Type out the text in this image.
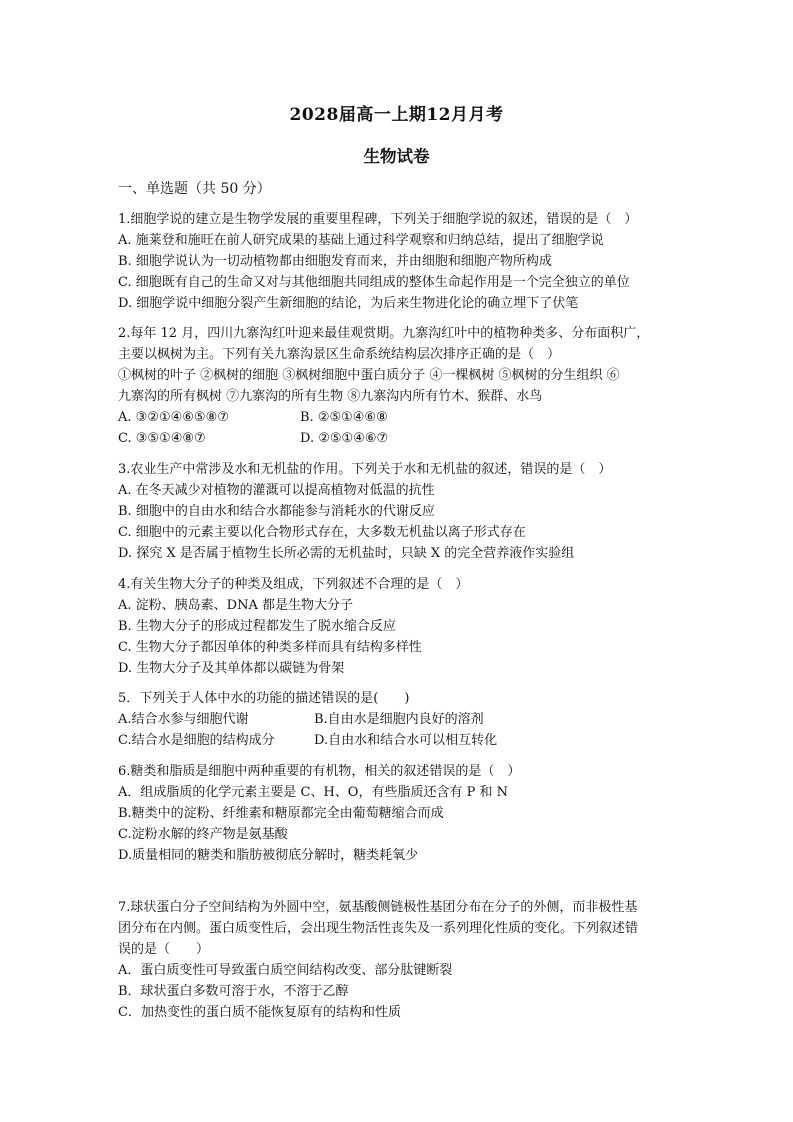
2028届高一上期12月月考
生物试卷
一、单选题（共 50 分）
1.细胞学说的建立是生物学发展的重要里程碑，下列关于细胞学说的叙述，错误的是（　）
A. 施莱登和施旺在前人研究成果的基础上通过科学观察和归纳总结，提出了细胞学说
B. 细胞学说认为一切动植物都由细胞发育而来，并由细胞和细胞产物所构成
C. 细胞既有自己的生命又对与其他细胞共同组成的整体生命起作用是一个完全独立的单位
D. 细胞学说中细胞分裂产生新细胞的结论，为后来生物进化论的确立埋下了伏笔
2.每年 12 月，四川九寨沟红叶迎来最佳观赏期。九寨沟红叶中的植物种类多、分布面积广，
主要以枫树为主。下列有关九寨沟景区生命系统结构层次排序正确的是（　）
①枫树的叶子 ②枫树的细胞 ③枫树细胞中蛋白质分子 ④一棵枫树 ⑤枫树的分生组织 ⑥
九寨沟的所有枫树 ⑦九寨沟的所有生物 ⑧九寨沟内所有竹木、猴群、水鸟
A. ③②①④⑥⑤⑧⑦	B. ②⑤①④⑥⑧
C. ③⑤①④⑧⑦	D. ②⑤①④⑥⑦
3.农业生产中常涉及水和无机盐的作用。下列关于水和无机盐的叙述，错误的是（　）
A. 在冬天减少对植物的灌溉可以提高植物对低温的抗性
B. 细胞中的自由水和结合水都能参与消耗水的代谢反应
C. 细胞中的元素主要以化合物形式存在，大多数无机盐以离子形式存在
D. 探究 X 是否属于植物生长所必需的无机盐时，只缺 X 的完全营养液作实验组
4.有关生物大分子的种类及组成，下列叙述不合理的是（　）
A. 淀粉、胰岛素、DNA 都是生物大分子
B. 生物大分子的形成过程都发生了脱水缩合反应
C. 生物大分子都因单体的种类多样而具有结构多样性
D. 生物大分子及其单体都以碳链为骨架
5．下列关于人体中水的功能的描述错误的是(　　)
A.结合水参与细胞代谢	B.自由水是细胞内良好的溶剂
C.结合水是细胞的结构成分	D.自由水和结合水可以相互转化
6.糖类和脂质是细胞中两种重要的有机物，相关的叙述错误的是（　）
A．组成脂质的化学元素主要是 C、H、O，有些脂质还含有 P 和 N
B.糖类中的淀粉、纤维素和糖原都完全由葡萄糖缩合而成
C.淀粉水解的终产物是氨基酸
D.质量相同的糖类和脂肪被彻底分解时，糖类耗氧少
7.球状蛋白分子空间结构为外圆中空，氨基酸侧链极性基团分布在分子的外侧，而非极性基
团分布在内侧。蛋白质变性后，会出现生物活性丧失及一系列理化性质的变化。下列叙述错
误的是（　　）
A．蛋白质变性可导致蛋白质空间结构改变、部分肽键断裂
B．球状蛋白多数可溶于水，不溶于乙醇
C．加热变性的蛋白质不能恢复原有的结构和性质
